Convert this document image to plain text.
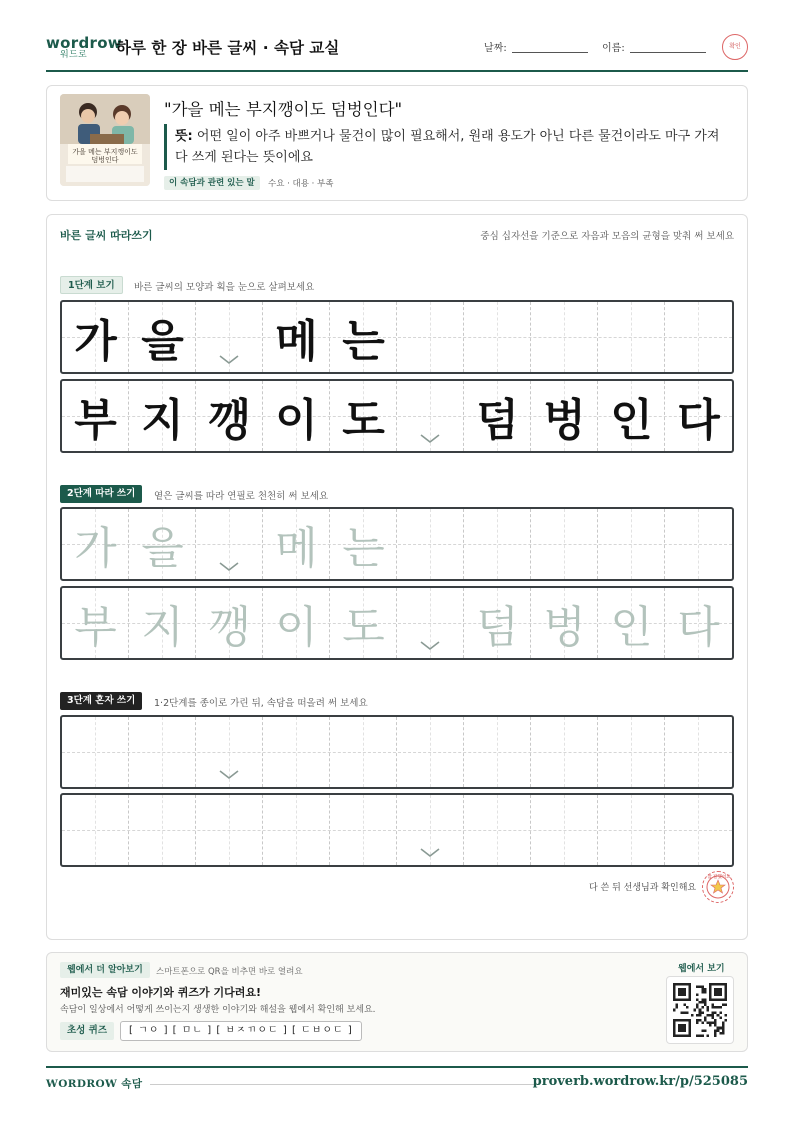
wordrow
워드로 하루 한 장 바른 글씨 · 속담 교실	날짜:	이름:	확인
가을 메는 부지깽이도 덤벙인다
"가을 메는 부지깽이도 덤벙인다"
뜻: 어떤 일이 아주 바쁘거나 물건이 많이 필요해서, 원래 용도가 아닌 다른 물건이라도 마구 가져다 쓰게 된다는 뜻이에요
이 속담과 관련 있는 말	수요 · 대용 · 부족
바른 글씨 따라쓰기	중심 십자선을 기준으로 자음과 모음의 균형을 맞춰 써 보세요
1단계 보기	바른 글씨의 모양과 획을 눈으로 살펴보세요
가 을 메 는
부 지 깽 이 도 덤 벙 인 다
2단계 따라 쓰기	옅은 글씨를 따라 연필로 천천히 써 보세요
가 을 메 는
부 지 깽 이 도 덤 벙 인 다
3단계 혼자 쓰기	1·2단계를 종이로 가린 뒤, 속담을 떠올려 써 보세요
다 쓴 뒤 선생님과 확인해요
참 잘했어요
웹에서 더 알아보기	스마트폰으로 QR을 비추면 바로 열려요
재미있는 속담 이야기와 퀴즈가 기다려요!
속담이 일상에서 어떻게 쓰이는지 생생한 이야기와 해설을 웹에서 확인해 보세요.
초성 퀴즈	[ ㄱㅇ ] [ ㅁㄴ ] [ ㅂㅈㄲㅇㄷ ] [ ㄷㅂㅇㄷ ]
웹에서 보기
WORDROW 속담	proverb.wordrow.kr/p/525085
